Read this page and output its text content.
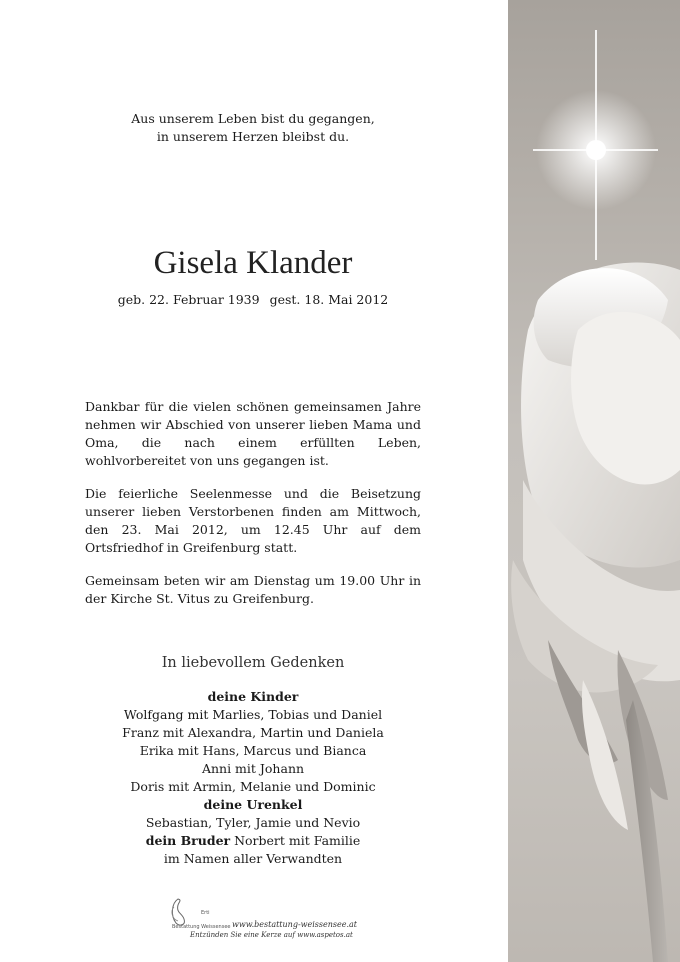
Aus unserem Leben bist du gegangen,
in unserem Herzen bleibst du.
Gisela Klander
geb. 22. Februar 1939 gest. 18. Mai 2012

Dankbar für die vielen schönen gemeinsamen Jahre nehmen wir Abschied von unserer lieben Mama und Oma, die nach einem erfüllten Leben, wohlvorbereitet von uns gegangen ist.

Die feierliche Seelenmesse und die Beisetzung unserer lieben Verstorbenen finden am Mittwoch, den 23. Mai 2012, um 12.45 Uhr auf dem Ortsfriedhof in Greifenburg statt.

Gemeinsam beten wir am Dienstag um 19.00 Uhr in der Kirche St. Vitus zu Greifenburg.

In liebevollem Gedenken
deine Kinder
Wolfgang mit Marlies, Tobias und Daniel
Franz mit Alexandra, Martin und Daniela
Erika mit Hans, Marcus und Bianca
Anni mit Johann
Doris mit Armin, Melanie und Dominic
deine Urenkel
Sebastian, Tyler, Jamie und Nevio
dein Bruder Norbert mit Familie
im Namen aller Verwandten
Erti
Bestattung Weissensee www.bestattung-weissensee.at
Entzünden Sie eine Kerze auf www.aspetos.at
